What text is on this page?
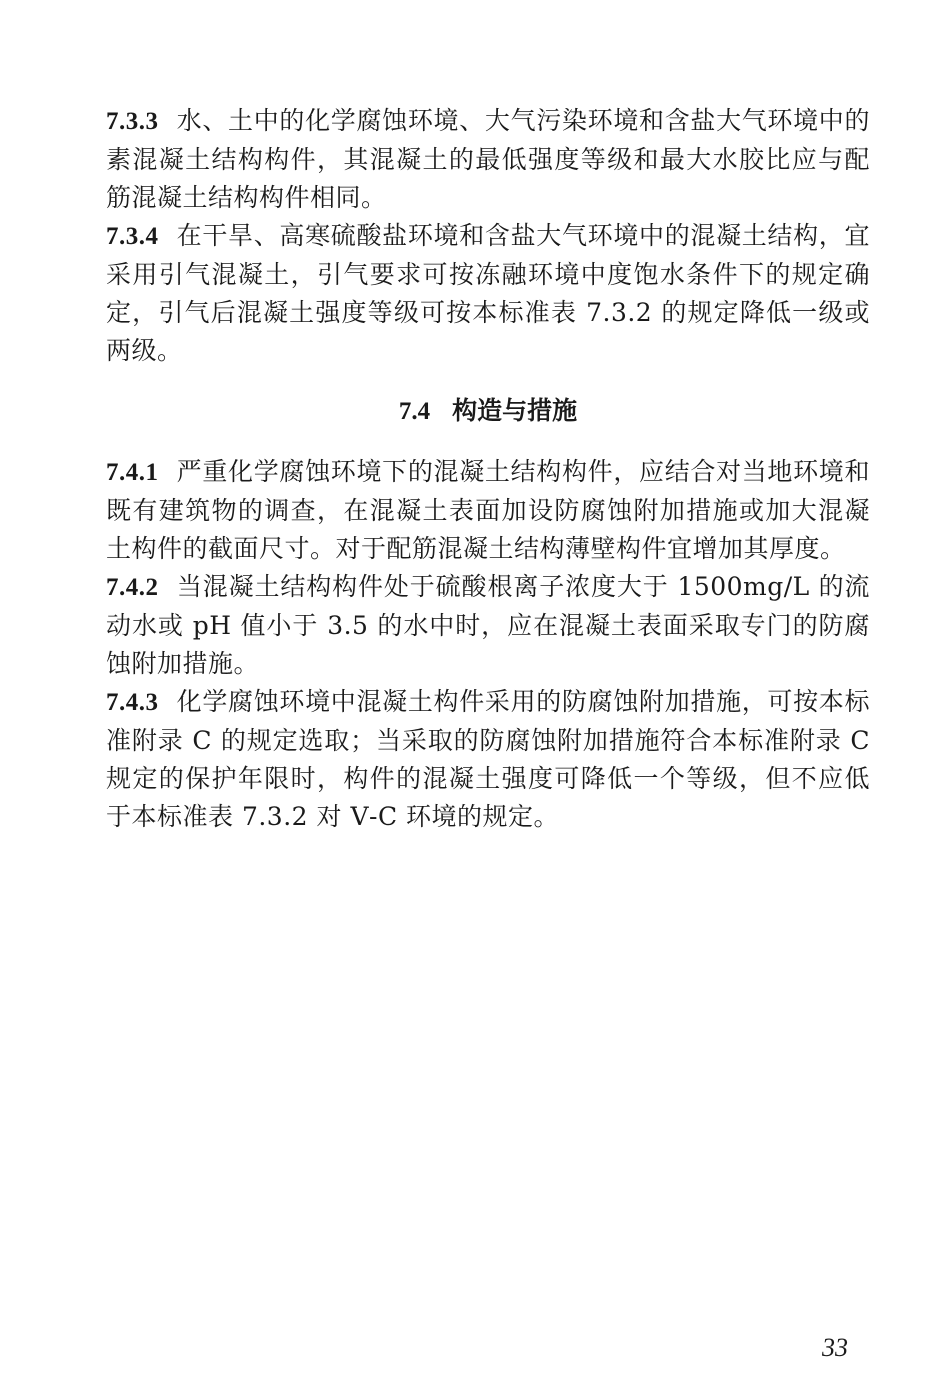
7.3.3 水、土中的化学腐蚀环境、大气污染环境和含盐大气环境中的素混凝土结构构件，其混凝土的最低强度等级和最大水胶比应与配筋混凝土结构构件相同。

7.3.4 在干旱、高寒硫酸盐环境和含盐大气环境中的混凝土结构，宜采用引气混凝土，引气要求可按冻融环境中度饱水条件下的规定确定，引气后混凝土强度等级可按本标准表 7.3.2 的规定降低一级或两级。

7.4 构造与措施

7.4.1 严重化学腐蚀环境下的混凝土结构构件，应结合对当地环境和既有建筑物的调查，在混凝土表面加设防腐蚀附加措施或加大混凝土构件的截面尺寸。对于配筋混凝土结构薄壁构件宜增加其厚度。

7.4.2 当混凝土结构构件处于硫酸根离子浓度大于 1500mg/L 的流动水或 pH 值小于 3.5 的水中时，应在混凝土表面采取专门的防腐蚀附加措施。

7.4.3 化学腐蚀环境中混凝土构件采用的防腐蚀附加措施，可按本标准附录 C 的规定选取；当采取的防腐蚀附加措施符合本标准附录 C 规定的保护年限时，构件的混凝土强度可降低一个等级，但不应低于本标准表 7.3.2 对 Ⅴ-C 环境的规定。

33
